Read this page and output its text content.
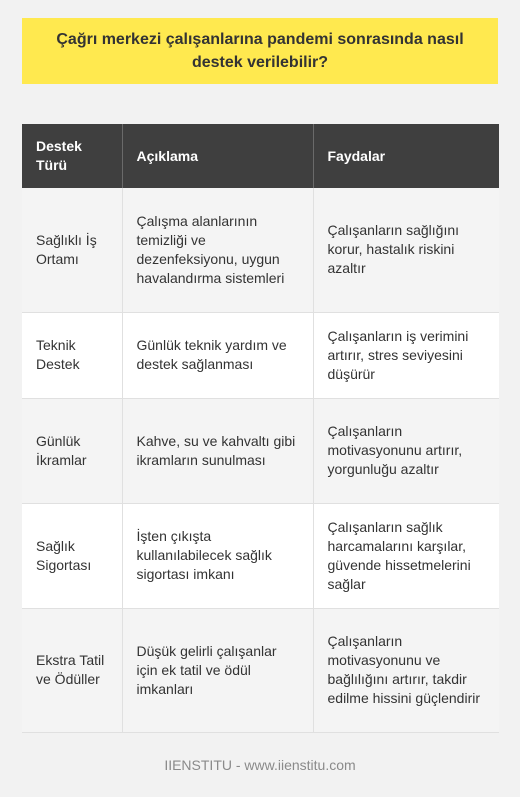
Çağrı merkezi çalışanlarına pandemi sonrasında nasıl destek verilebilir?
Destek Türü	Açıklama	Faydalar
Sağlıklı İş Ortamı	Çalışma alanlarının temizliği ve dezenfeksiyonu, uygun havalandırma sistemleri	Çalışanların sağlığını korur, hastalık riskini azaltır
Teknik Destek	Günlük teknik yardım ve destek sağlanması	Çalışanların iş verimini artırır, stres seviyesini düşürür
Günlük İkramlar	Kahve, su ve kahvaltı gibi ikramların sunulması	Çalışanların motivasyonunu artırır, yorgunluğu azaltır
Sağlık Sigortası	İşten çıkışta kullanılabilecek sağlık sigortası imkanı	Çalışanların sağlık harcamalarını karşılar, güvende hissetmelerini sağlar
Ekstra Tatil ve Ödüller	Düşük gelirli çalışanlar için ek tatil ve ödül imkanları	Çalışanların motivasyonunu ve bağlılığını artırır, takdir edilme hissini güçlendirir
IIENSTITU - www.iienstitu.com
